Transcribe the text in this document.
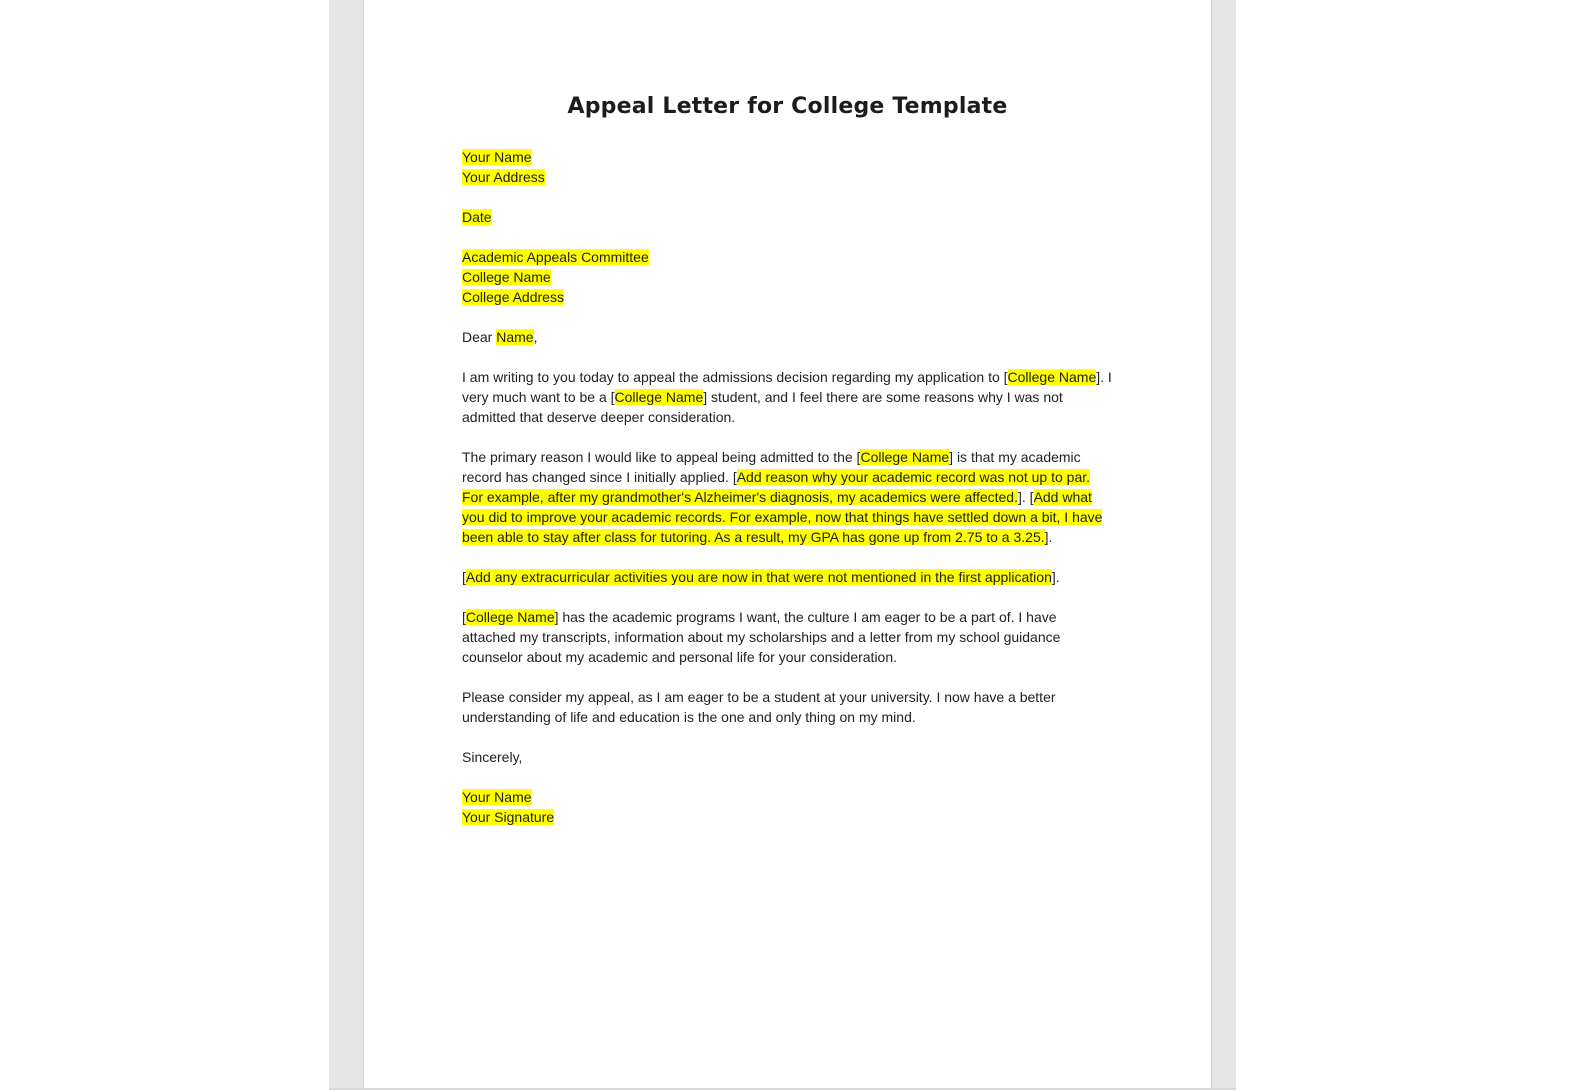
Appeal Letter for College Template

Your Name
Your Address

Date

Academic Appeals Committee
College Name
College Address

Dear Name,

I am writing to you today to appeal the admissions decision regarding my application to [College Name]. I very much want to be a [College Name] student, and I feel there are some reasons why I was not admitted that deserve deeper consideration.

The primary reason I would like to appeal being admitted to the [College Name] is that my academic record has changed since I initially applied. [Add reason why your academic record was not up to par. For example, after my grandmother's Alzheimer's diagnosis, my academics were affected.]. [Add what you did to improve your academic records. For example, now that things have settled down a bit, I have been able to stay after class for tutoring. As a result, my GPA has gone up from 2.75 to a 3.25.].

[Add any extracurricular activities you are now in that were not mentioned in the first application].

[College Name] has the academic programs I want, the culture I am eager to be a part of. I have attached my transcripts, information about my scholarships and a letter from my school guidance counselor about my academic and personal life for your consideration.

Please consider my appeal, as I am eager to be a student at your university. I now have a better understanding of life and education is the one and only thing on my mind.

Sincerely,

Your Name
Your Signature
